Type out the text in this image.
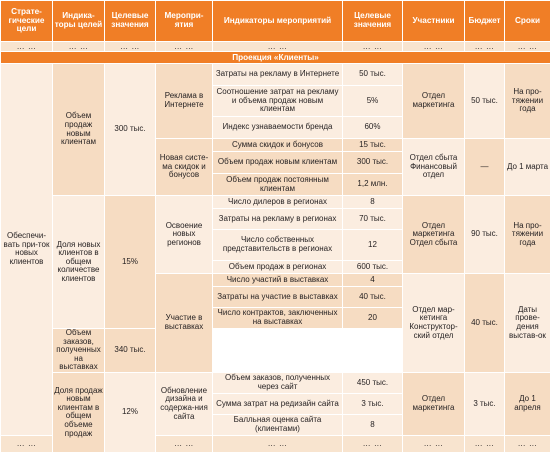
Страте-гические цели	Индика-торы целей	Целевые значения	Меропри-ятия	Индикаторы мероприятий	Целевые значения	Участники	Бюджет	Сроки	
… …	… …	… …	… …	… …	… …	… …	… …	… …	
Проекция «Клиенты»									
Обеспечи-вать при-ток новых клиентов	Объем продаж новым клиентам	300 тыс.	Реклама в Интернете	Затраты на рекламу в Интернете	50 тыс.	Отдел маркетинга	50 тыс.	На про-тяжении года	
				Соотношение затрат на рекламу и объема продаж новым клиентам	5%				
				Индекс узнаваемости бренда	60%				
			Новая систе-ма скидок и бонусов	Сумма скидок и бонусов	15 тыс.	Отдел сбыта Финансовый отдел	—	До 1 марта	
				Объем продаж новым клиентам	300 тыс.				
				Объем продаж постоянным клиентам	1,2 млн.				
	Доля новых клиентов в общем количестве клиентов	15%	Освоение новых регионов	Число дилеров в регионах	8	Отдел маркетинга Отдел сбыта	90 тыс.	На про-тяжении года	
				Затраты на рекламу в регионах	70 тыс.				
				Число собственных представительств в регионах	12				
				Объем продаж в регионах	600 тыс.				
			Участие в выставках	Число участий в выставках	4	Отдел мар-кетинга Конструктор-ский отдел	40 тыс.	Даты прове-дения выстав-ок	
				Затраты на участие в выставках	40 тыс.				
				Число контрактов, заключенных на выставках	20				
	Объем заказов, полученных на выставках	340 тыс.							
	Доля продаж новым клиентам в общем объеме продаж	12%	Обновление дизайна и содержа-ния сайта	Объем заказов, полученных через сайт	450 тыс.	Отдел маркетинга	3 тыс.	До 1 апреля	
				Сумма затрат на редизайн сайта	3 тыс.				
				Балльная оценка сайта (клиентами)	8				
… …			… …	… …	… …	… …	… …	… …	
